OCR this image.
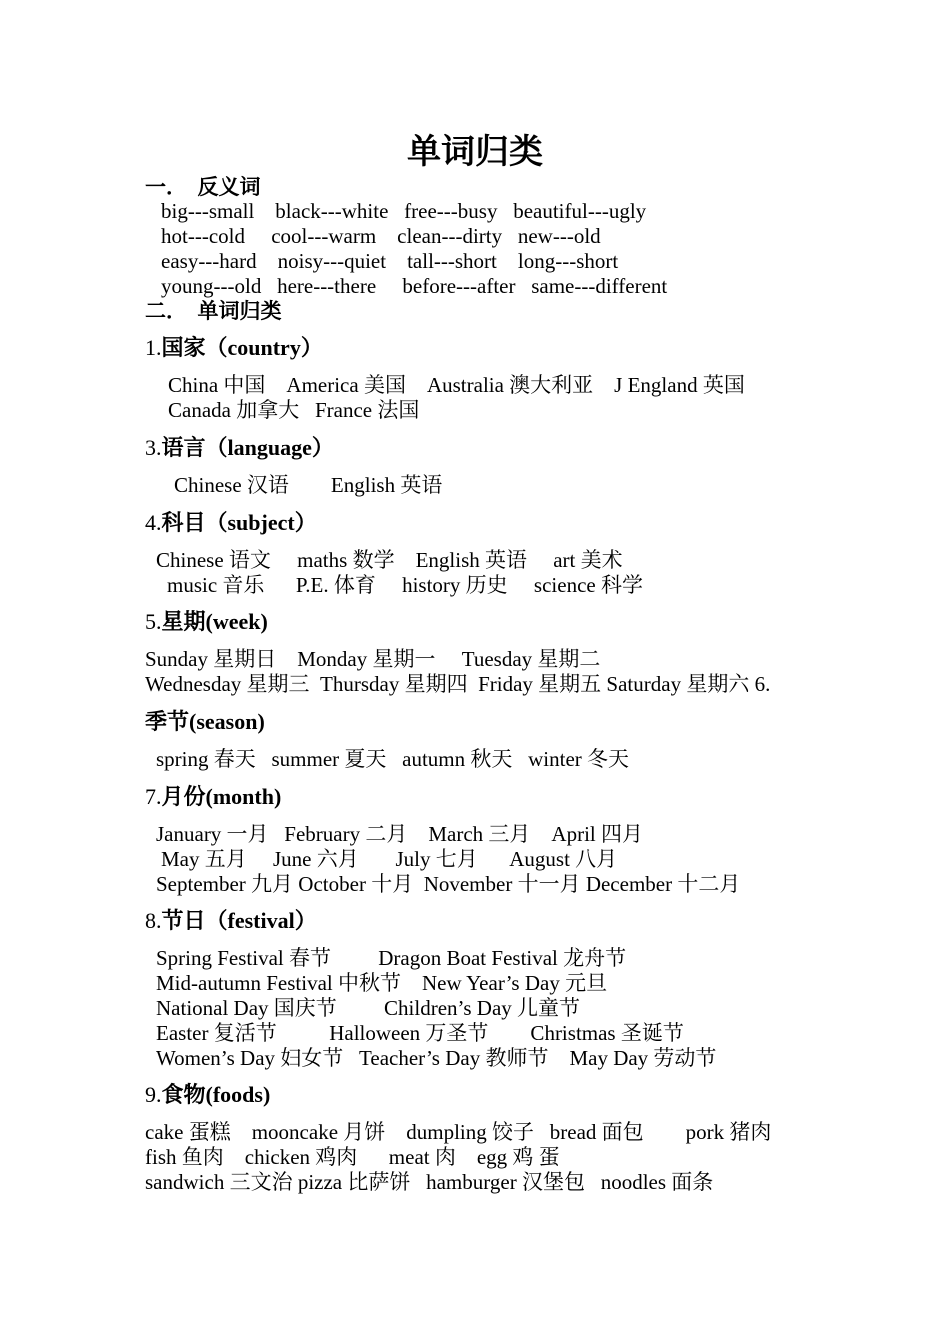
单词归类
一．  反义词
big---small    black---white   free---busy   beautiful---ugly
hot---cold     cool---warm    clean---dirty   new---old
easy---hard    noisy---quiet    tall---short    long---short
young---old   here---there     before---after   same---different
二．  单词归类
1.国家（country）
China 中国    America 美国    Australia 澳大利亚    J England 英国
Canada 加拿大   France 法国
3.语言（language）
Chinese 汉语        English 英语
4.科目（subject）
Chinese 语文     maths 数学    English 英语     art 美术
music 音乐      P.E. 体育     history 历史     science 科学
5.星期(week)
Sunday 星期日    Monday 星期一     Tuesday 星期二
Wednesday 星期三  Thursday 星期四  Friday 星期五 Saturday 星期六 6.
季节(season)
spring 春天   summer 夏天   autumn 秋天   winter 冬天
7.月份(month)
January 一月   February 二月    March 三月    April 四月
May 五月     June 六月       July 七月      August 八月
September 九月 October 十月  November 十一月 December 十二月
8.节日（festival）
Spring Festival 春节         Dragon Boat Festival 龙舟节
Mid-autumn Festival 中秋节    New Year’s Day 元旦
National Day 国庆节         Children’s Day 儿童节
Easter 复活节          Halloween 万圣节        Christmas 圣诞节
Women’s Day 妇女节   Teacher’s Day 教师节    May Day 劳动节
9.食物(foods)
cake 蛋糕    mooncake 月饼    dumpling 饺子   bread 面包        pork 猪肉
fish 鱼肉    chicken 鸡肉      meat 肉    egg 鸡 蛋
sandwich 三文治 pizza 比萨饼   hamburger 汉堡包   noodles 面条
